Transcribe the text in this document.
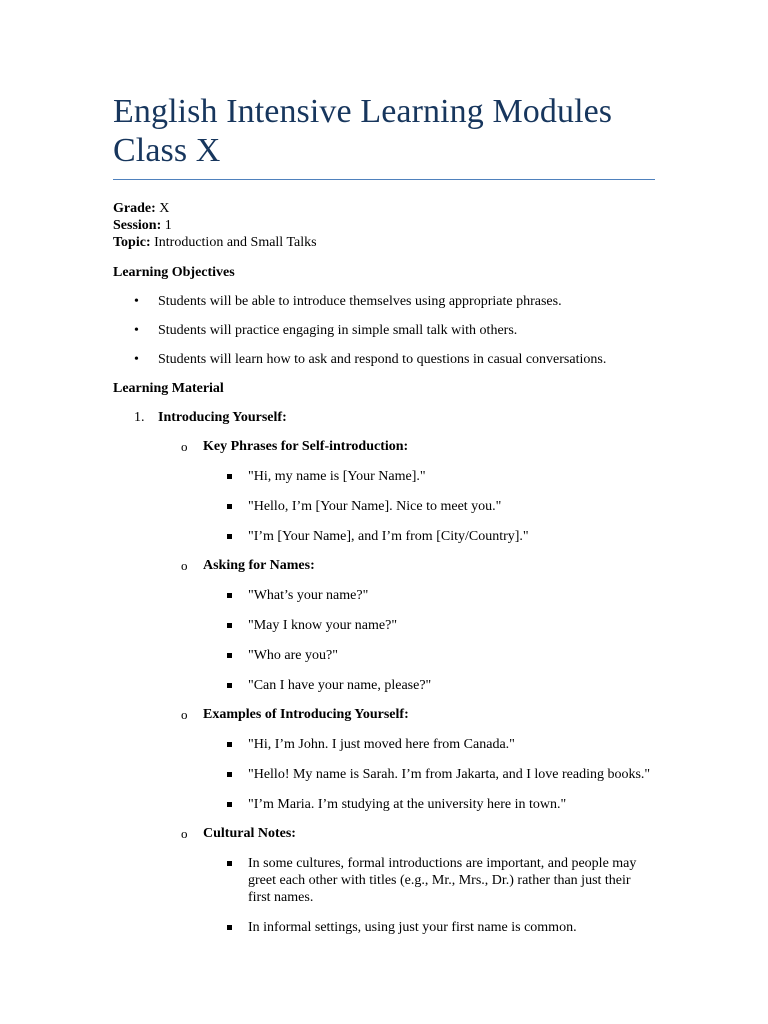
English Intensive Learning Modules
Class X
Grade: X
Session: 1
Topic: Introduction and Small Talks
Learning Objectives
• Students will be able to introduce themselves using appropriate phrases.
• Students will practice engaging in simple small talk with others.
• Students will learn how to ask and respond to questions in casual conversations.
Learning Material
1. Introducing Yourself:
o Key Phrases for Self-introduction:
"Hi, my name is [Your Name]."
"Hello, I’m [Your Name]. Nice to meet you."
"I’m [Your Name], and I’m from [City/Country]."
o Asking for Names:
"What’s your name?"
"May I know your name?"
"Who are you?"
"Can I have your name, please?"
o Examples of Introducing Yourself:
"Hi, I’m John. I just moved here from Canada."
"Hello! My name is Sarah. I’m from Jakarta, and I love reading books."
"I’m Maria. I’m studying at the university here in town."
o Cultural Notes:
In some cultures, formal introductions are important, and people may greet each other with titles (e.g., Mr., Mrs., Dr.) rather than just their first names.
In informal settings, using just your first name is common.
